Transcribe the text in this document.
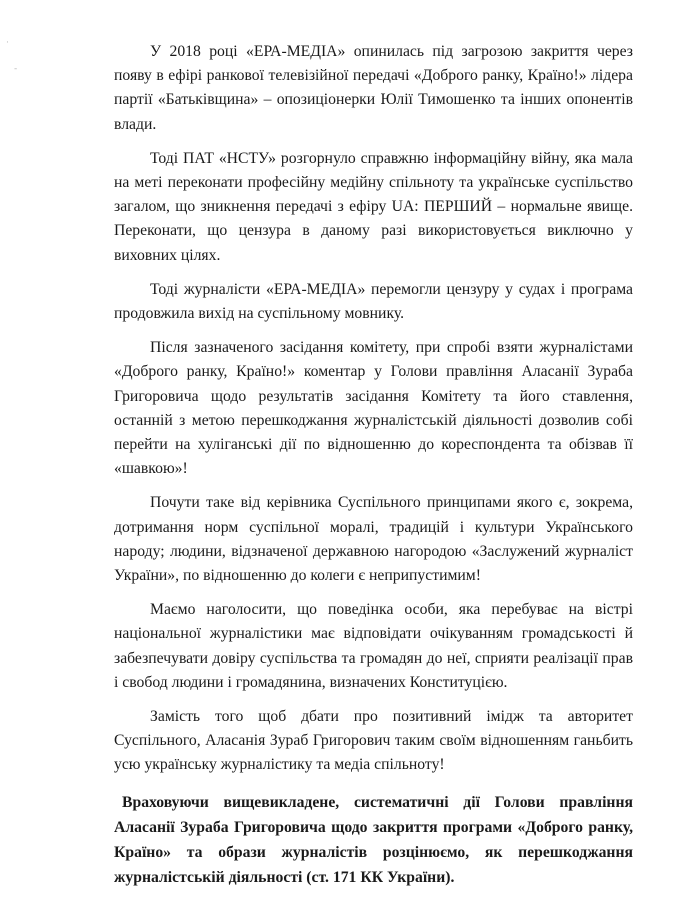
·
-

У 2018 році «ЕРА-МЕДІА» опинилась під загрозою закриття через появу в ефірі ранкової телевізійної передачі «Доброго ранку, Країно!» лідера партії «Батьківщина» – опозиціонерки Юлії Тимошенко та інших опонентів влади.

Тоді ПАТ «НСТУ» розгорнуло справжню інформаційну війну, яка мала на меті переконати професійну медійну спільноту та українське суспільство загалом, що зникнення передачі з ефіру UA: ПЕРШИЙ – нормальне явище. Переконати, що цензура в даному разі використовується виключно у виховних цілях.

Тоді журналісти «ЕРА-МЕДІА» перемогли цензуру у судах і програма продовжила вихід на суспільному мовнику.

Після зазначеного засідання комітету, при спробі взяти журналістами «Доброго ранку, Країно!» коментар у Голови правління Аласанії Зураба Григоровича щодо результатів засідання Комітету та його ставлення, останній з метою перешкоджання журналістській діяльності дозволив собі перейти на хуліганські дії по відношенню до кореспондента та обізвав її «шавкою»!

Почути таке від керівника Суспільного принципами якого є, зокрема, дотримання норм суспільної моралі, традицій і культури Українського народу; людини, відзначеної державною нагородою «Заслужений журналіст України», по відношенню до колеги є неприпустимим!

Маємо наголосити, що поведінка особи, яка перебуває на вістрі національної журналістики має відповідати очікуванням громадськості й забезпечувати довіру суспільства та громадян до неї, сприяти реалізації прав і свобод людини і громадянина, визначених Конституцією.

Замість того щоб дбати про позитивний імідж та авторитет Суспільного, Аласанія Зураб Григорович таким своїм відношенням ганьбить усю українську журналістику та медіа спільноту!

Враховуючи вищевикладене, систематичні дії Голови правління Аласанії Зураба Григоровича щодо закриття програми «Доброго ранку, Країно» та образи журналістів розцінюємо, як перешкоджання журналістській діяльності (ст. 171 КК України).
